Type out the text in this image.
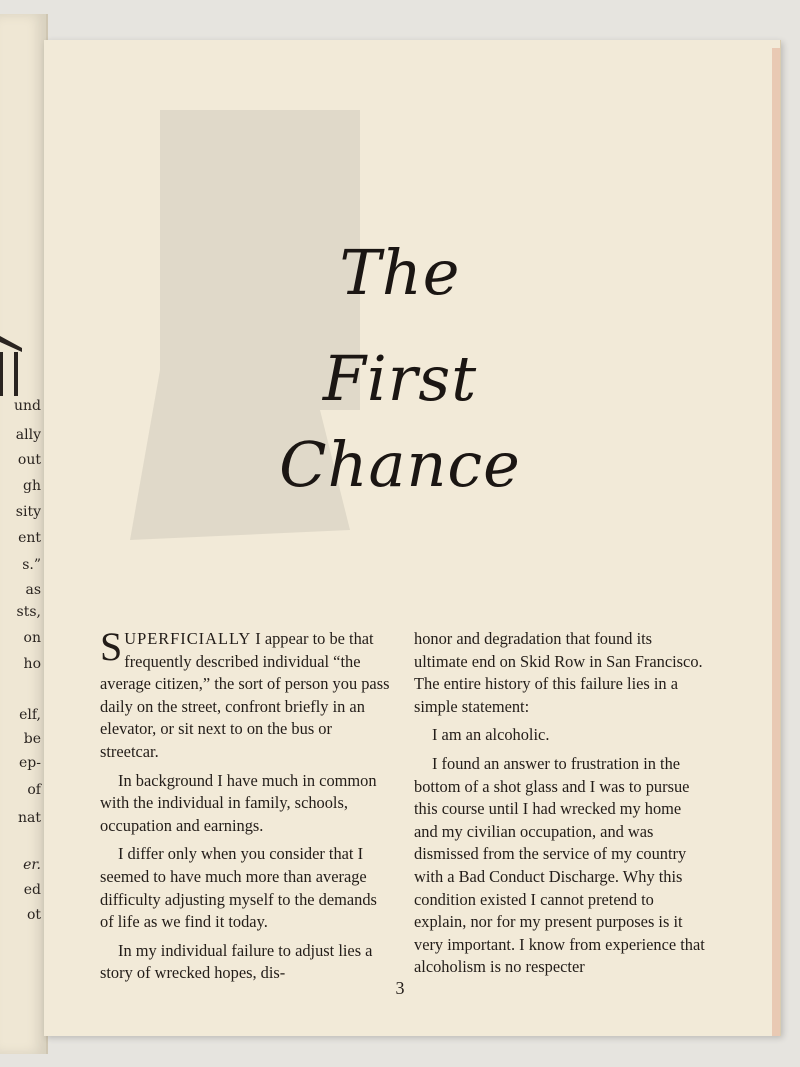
und
ally
out
gh
sity
ent
s.”
as
sts,
on
ho
elf,
be
ep-
of
nat
er.
ed
ot
The
First
Chance

SUPERFICIALLY I appear to be that frequently described individual “the average citizen,” the sort of person you pass daily on the street, confront briefly in an elevator, or sit next to on the bus or streetcar.

In background I have much in common with the individual in family, schools, occupation and earnings.

I differ only when you consider that I seemed to have much more than average difficulty adjusting myself to the demands of life as we find it today.

In my individual failure to adjust lies a story of wrecked hopes, dis-

honor and degradation that found its ultimate end on Skid Row in San Francisco. The entire history of this failure lies in a simple statement:

I am an alcoholic.

I found an answer to frustration in the bottom of a shot glass and I was to pursue this course until I had wrecked my home and my civilian occupation, and was dismissed from the service of my country with a Bad Conduct Discharge. Why this condition existed I cannot pretend to explain, nor for my present purposes is it very important. I know from experience that alcoholism is no respecter

3
